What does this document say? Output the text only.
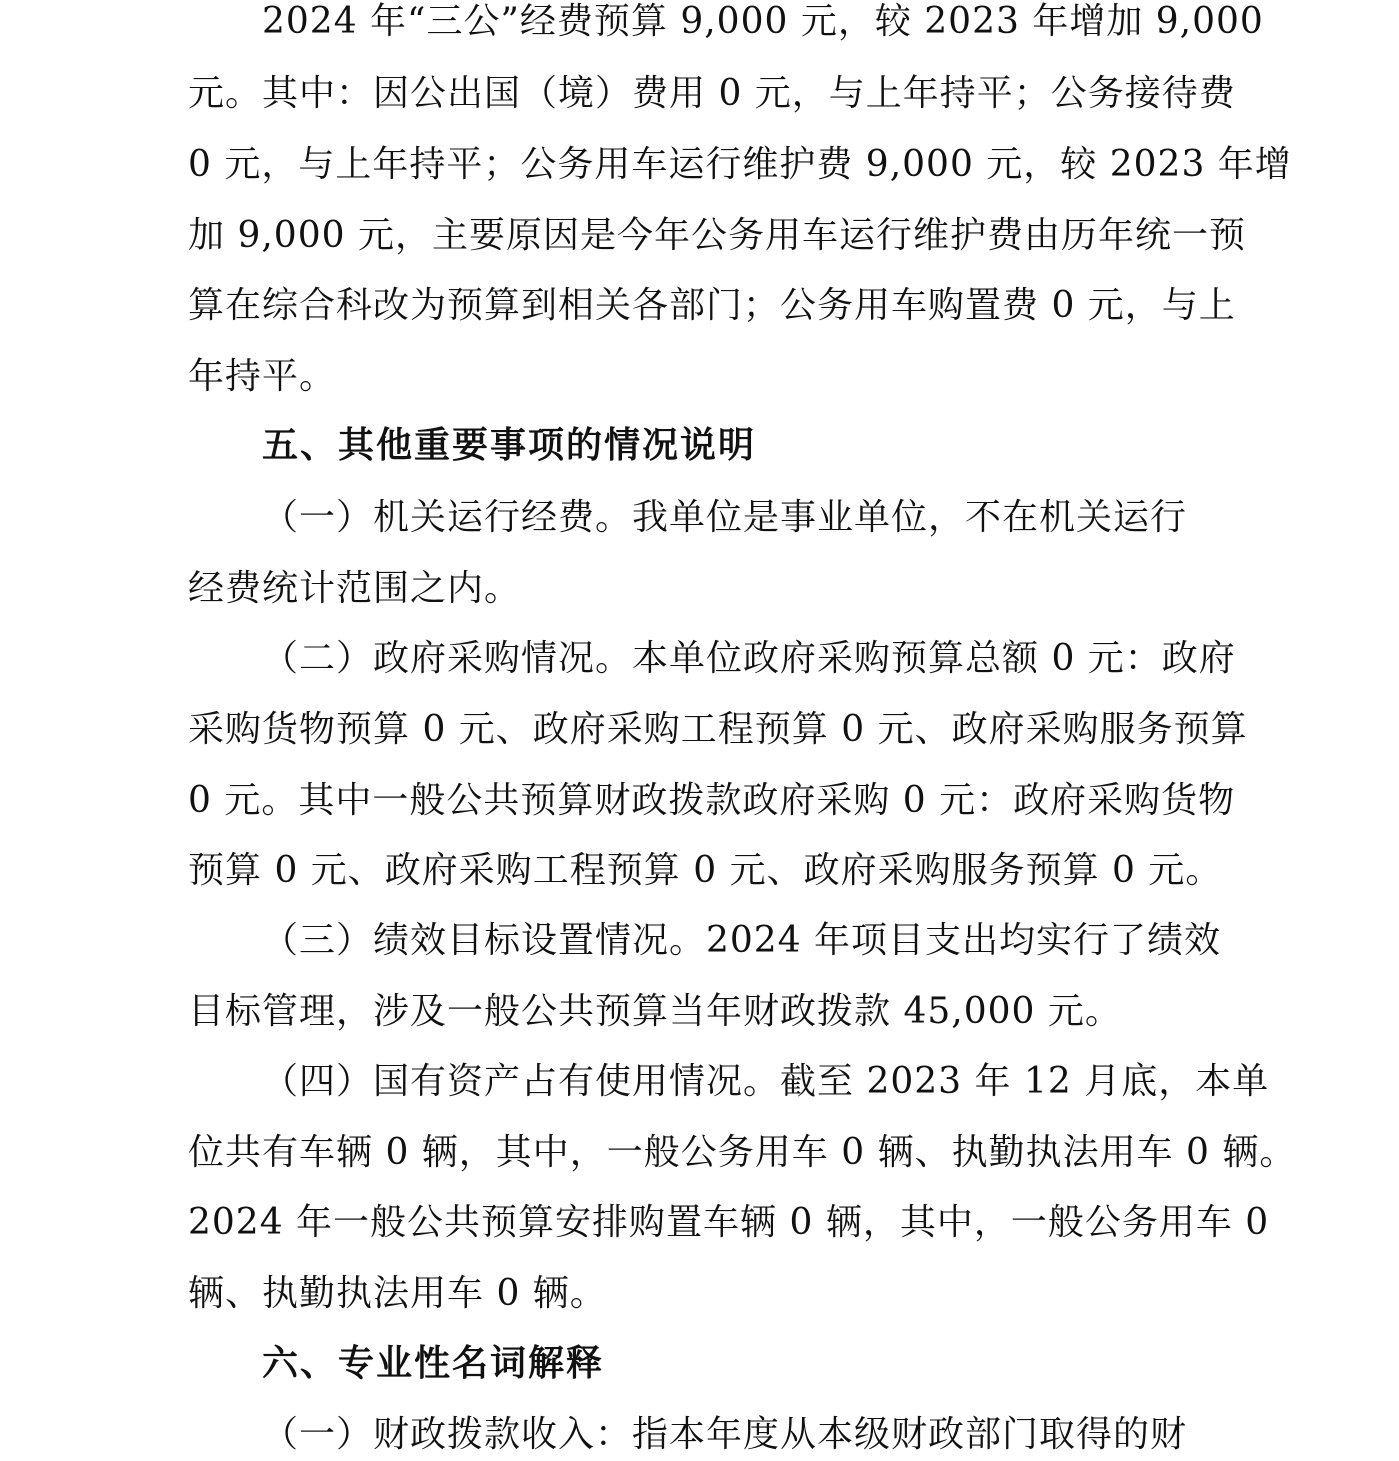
2024 年“三公”经费预算 9,000 元，较 2023 年增加 9,000
元。其中：因公出国（境）费用 0 元，与上年持平；公务接待费
0 元，与上年持平；公务用车运行维护费 9,000 元，较 2023 年增
加 9,000 元，主要原因是今年公务用车运行维护费由历年统一预
算在综合科改为预算到相关各部门；公务用车购置费 0 元，与上
年持平。
五、其他重要事项的情况说明
（一）机关运行经费。我单位是事业单位，不在机关运行
经费统计范围之内。
（二）政府采购情况。本单位政府采购预算总额 0 元：政府
采购货物预算 0 元、政府采购工程预算 0 元、政府采购服务预算
0 元。其中一般公共预算财政拨款政府采购 0 元：政府采购货物
预算 0 元、政府采购工程预算 0 元、政府采购服务预算 0 元。
（三）绩效目标设置情况。2024 年项目支出均实行了绩效
目标管理，涉及一般公共预算当年财政拨款 45,000 元。
（四）国有资产占有使用情况。截至 2023 年 12 月底，本单
位共有车辆 0 辆，其中，一般公务用车 0 辆、执勤执法用车 0 辆。
2024 年一般公共预算安排购置车辆 0 辆，其中，一般公务用车 0
辆、执勤执法用车 0 辆。
六、专业性名词解释
（一）财政拨款收入：指本年度从本级财政部门取得的财
